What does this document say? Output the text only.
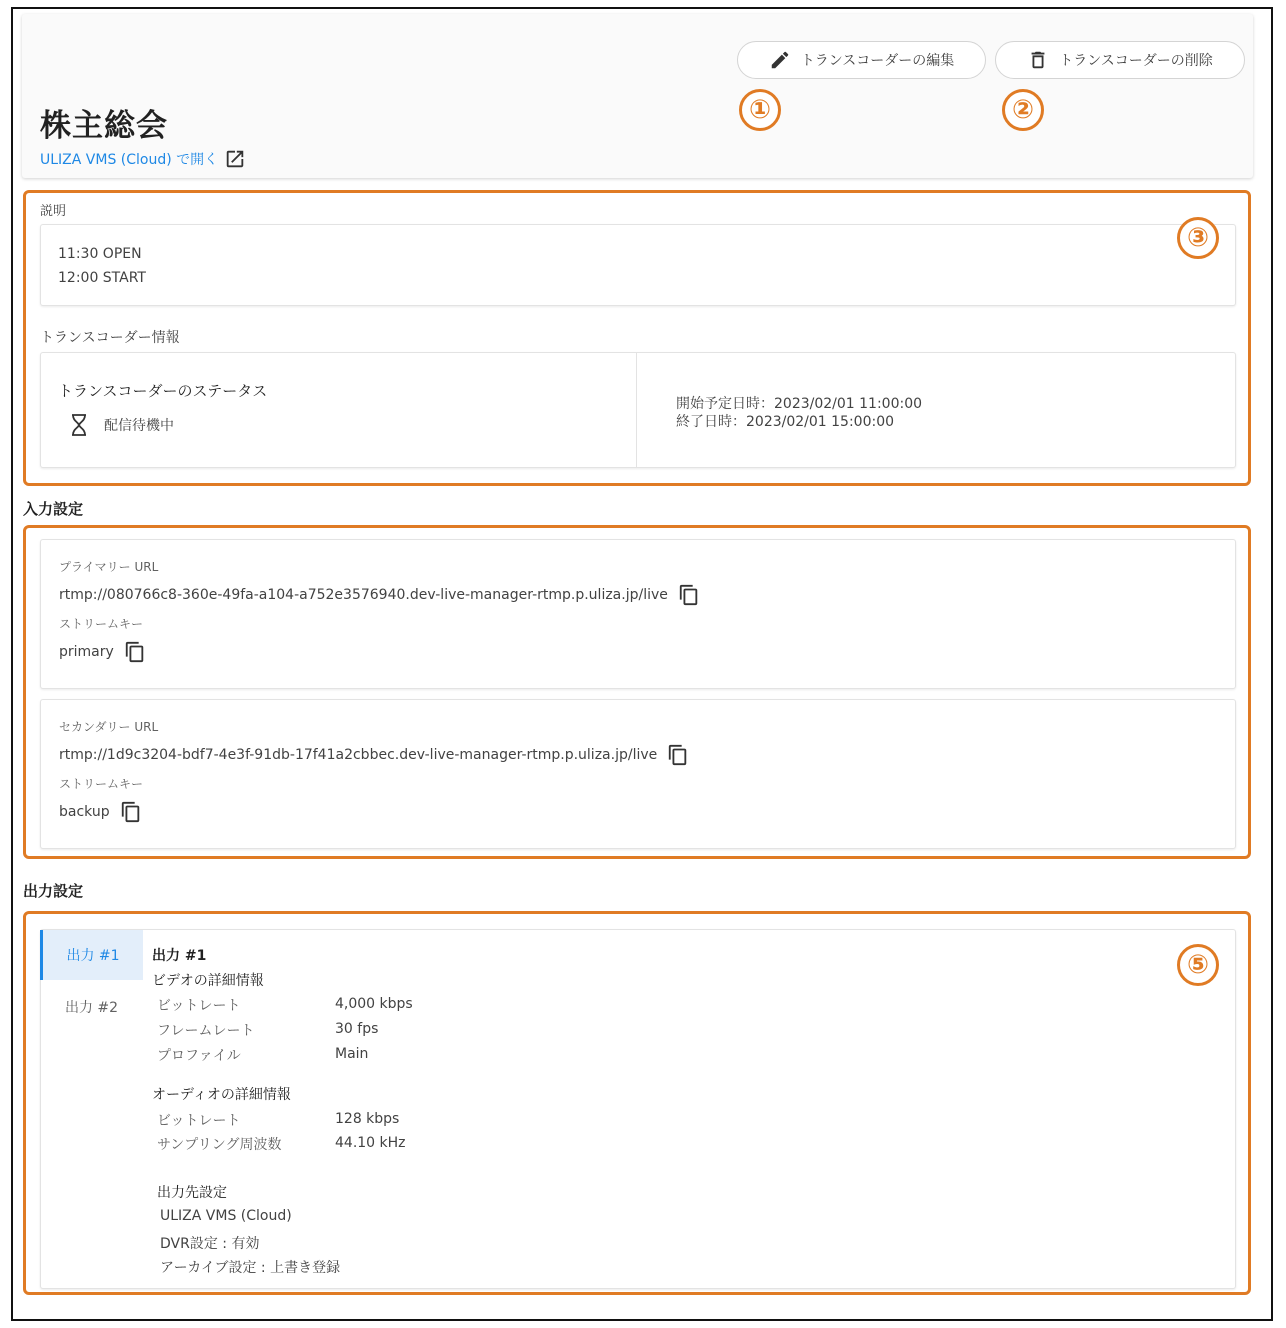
トランスコーダーの編集	トランスコーダーの削除
①	②
株主総会
ULIZA VMS (Cloud) で開く
説明
11:30 OPEN
12:00 START
③
トランスコーダー情報
トランスコーダーのステータス
配信待機中
開始予定日時：2023/02/01 11:00:00
終了日時：2023/02/01 15:00:00
入力設定
プライマリー URL
rtmp://080766c8-360e-49fa-a104-a752e3576940.dev-live-manager-rtmp.p.uliza.jp/live
ストリームキー
primary
セカンダリー URL
rtmp://1d9c3204-bdf7-4e3f-91db-17f41a2cbbec.dev-live-manager-rtmp.p.uliza.jp/live
ストリームキー
backup
出力設定
⑤
出力 #1
出力 #2
出力 #1
ビデオの詳細情報
ビットレート	4,000 kbps
フレームレート	30 fps
プロファイル	Main
オーディオの詳細情報
ビットレート	128 kbps
サンプリング周波数	44.10 kHz
出力先設定
ULIZA VMS (Cloud)
DVR設定 : 有効
アーカイブ設定 : 上書き登録
